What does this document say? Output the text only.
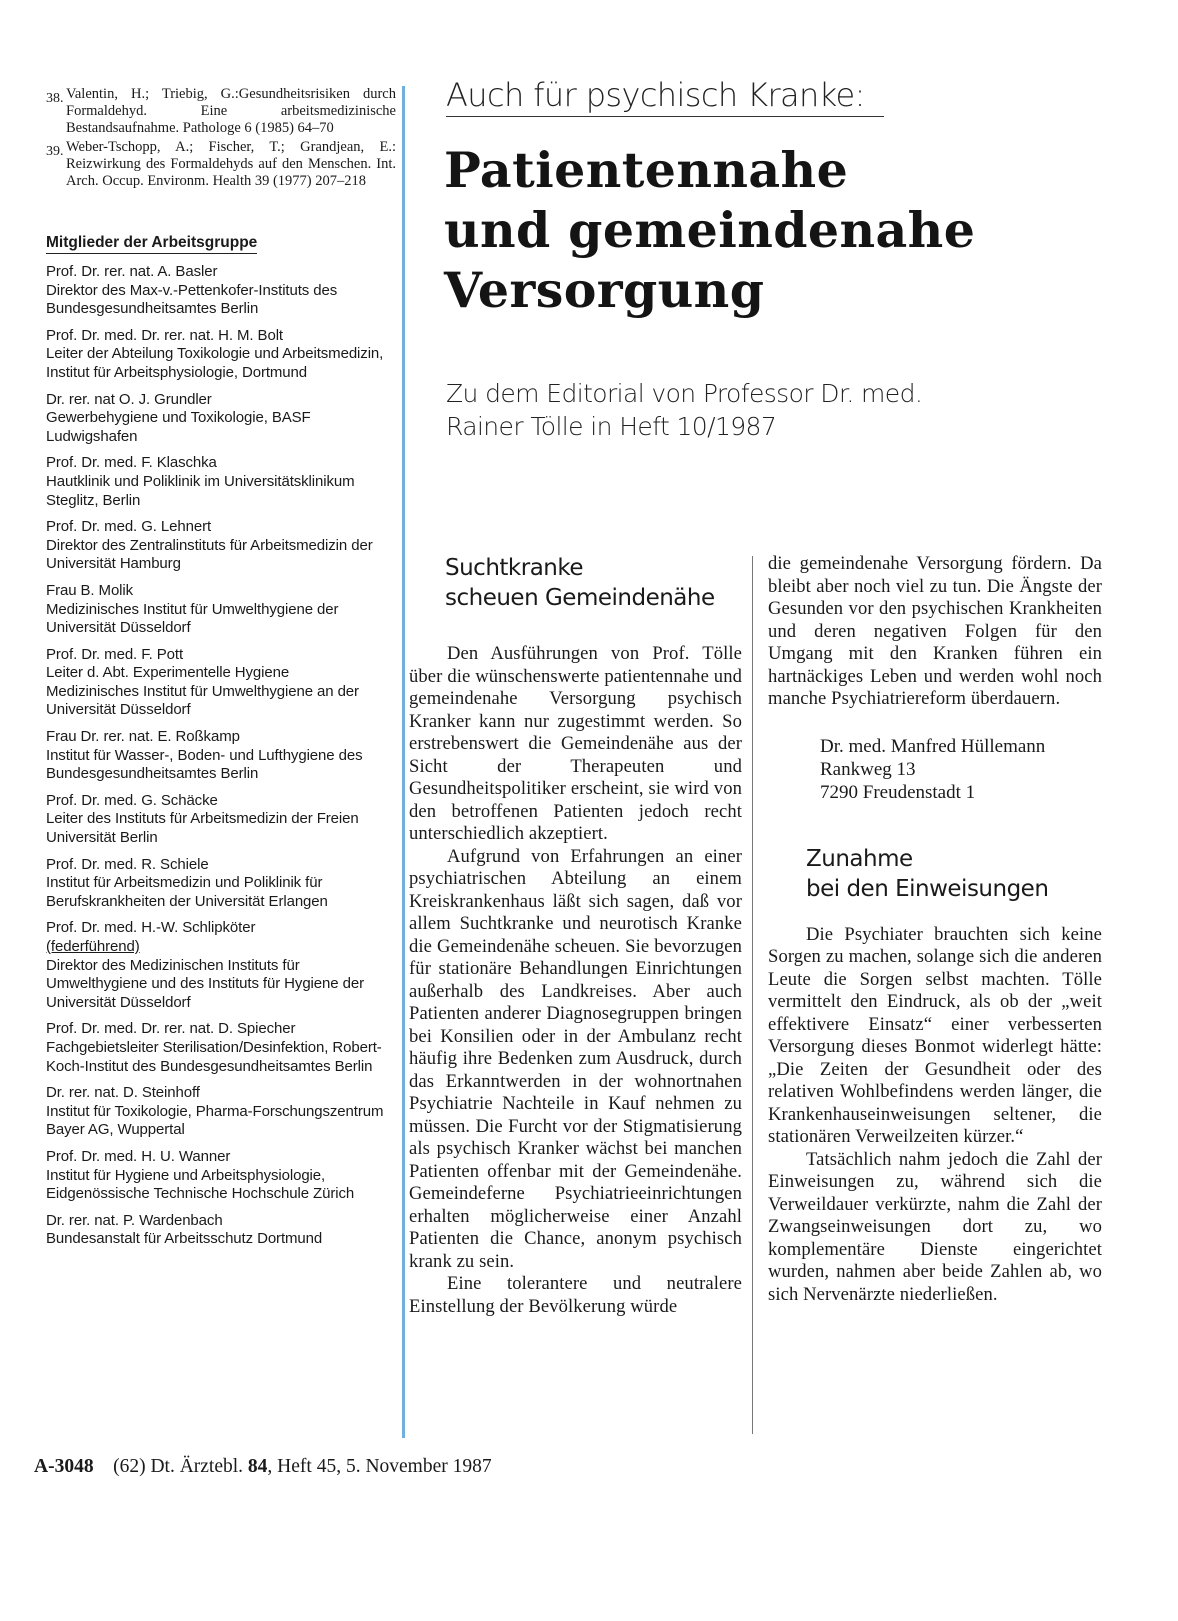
38. Valentin, H.; Triebig, G.:Gesundheitsrisiken durch Formaldehyd. Eine arbeitsmedizinische Bestandsaufnahme. Pathologe 6 (1985) 64–70
39. Weber-Tschopp, A.; Fischer, T.; Grandjean, E.: Reizwirkung des Formaldehyds auf den Menschen. Int. Arch. Occup. Environm. Health 39 (1977) 207–218
Mitglieder der Arbeitsgruppe
Prof. Dr. rer. nat. A. Basler
Direktor des Max-v.-Pettenkofer-Instituts des Bundesgesundheitsamtes Berlin
Prof. Dr. med. Dr. rer. nat. H. M. Bolt
Leiter der Abteilung Toxikologie und Arbeitsmedizin, Institut für Arbeitsphysiologie, Dortmund
Dr. rer. nat O. J. Grundler
Gewerbehygiene und Toxikologie, BASF Ludwigshafen
Prof. Dr. med. F. Klaschka
Hautklinik und Poliklinik im Universitätsklinikum Steglitz, Berlin
Prof. Dr. med. G. Lehnert
Direktor des Zentralinstituts für Arbeitsmedizin der Universität Hamburg
Frau B. Molik
Medizinisches Institut für Umwelthygiene der Universität Düsseldorf
Prof. Dr. med. F. Pott
Leiter d. Abt. Experimentelle Hygiene
Medizinisches Institut für Umwelthygiene an der Universität Düsseldorf
Frau Dr. rer. nat. E. Roßkamp
Institut für Wasser-, Boden- und Lufthygiene des Bundesgesundheitsamtes Berlin
Prof. Dr. med. G. Schäcke
Leiter des Instituts für Arbeitsmedizin der Freien Universität Berlin
Prof. Dr. med. R. Schiele
Institut für Arbeitsmedizin und Poliklinik für Berufskrankheiten der Universität Erlangen
Prof. Dr. med. H.-W. Schlipköter
(federführend)
Direktor des Medizinischen Instituts für Umwelthygiene und des Instituts für Hygiene der Universität Düsseldorf
Prof. Dr. med. Dr. rer. nat. D. Spiecher
Fachgebietsleiter Sterilisation/Desinfektion, Robert-Koch-Institut des Bundesgesundheitsamtes Berlin
Dr. rer. nat. D. Steinhoff
Institut für Toxikologie, Pharma-Forschungszentrum Bayer AG, Wuppertal
Prof. Dr. med. H. U. Wanner
Institut für Hygiene und Arbeitsphysiologie, Eidgenössische Technische Hochschule Zürich
Dr. rer. nat. P. Wardenbach
Bundesanstalt für Arbeitsschutz Dortmund
Auch für psychisch Kranke:
Patientennahe
und gemeindenahe
Versorgung
Zu dem Editorial von Professor Dr. med.
Rainer Tölle in Heft 10/1987
Suchtkranke
scheuen Gemeindenähe

Den Ausführungen von Prof. Tölle über die wünschenswerte patientennahe und gemeindenahe Versorgung psychisch Kranker kann nur zugestimmt werden. So erstrebenswert die Gemeindenähe aus der Sicht der Therapeuten und Gesundheitspolitiker erscheint, sie wird von den betroffenen Patienten jedoch recht unterschiedlich akzeptiert.

Aufgrund von Erfahrungen an einer psychiatrischen Abteilung an einem Kreiskrankenhaus läßt sich sagen, daß vor allem Suchtkranke und neurotisch Kranke die Gemeindenähe scheuen. Sie bevorzugen für stationäre Behandlungen Einrichtungen außerhalb des Landkreises. Aber auch Patienten anderer Diagnosegruppen bringen bei Konsilien oder in der Ambulanz recht häufig ihre Bedenken zum Ausdruck, durch das Erkanntwerden in der wohnortnahen Psychiatrie Nachteile in Kauf nehmen zu müssen. Die Furcht vor der Stigmatisierung als psychisch Kranker wächst bei manchen Patienten offenbar mit der Gemeindenähe. Gemeindeferne Psychiatrieeinrichtungen erhalten möglicherweise einer Anzahl Patienten die Chance, anonym psychisch krank zu sein.

Eine tolerantere und neutralere Einstellung der Bevölkerung würde

die gemeindenahe Versorgung fördern. Da bleibt aber noch viel zu tun. Die Ängste der Gesunden vor den psychischen Krankheiten und deren negativen Folgen für den Umgang mit den Kranken führen ein hartnäckiges Leben und werden wohl noch manche Psychiatriereform überdauern.

Dr. med. Manfred Hüllemann
Rankweg 13
7290 Freudenstadt 1
Zunahme
bei den Einweisungen

Die Psychiater brauchten sich keine Sorgen zu machen, solange sich die anderen Leute die Sorgen selbst machten. Tölle vermittelt den Eindruck, als ob der „weit effektivere Einsatz“ einer verbesserten Versorgung dieses Bonmot widerlegt hätte: „Die Zeiten der Gesundheit oder des relativen Wohlbefindens werden länger, die Krankenhauseinweisungen seltener, die stationären Verweilzeiten kürzer.“

Tatsächlich nahm jedoch die Zahl der Einweisungen zu, während sich die Verweildauer verkürzte, nahm die Zahl der Zwangseinweisungen dort zu, wo komplementäre Dienste eingerichtet wurden, nahmen aber beide Zahlen ab, wo sich Nervenärzte niederließen.

A-3048 (62) Dt. Ärztebl. 84, Heft 45, 5. November 1987
